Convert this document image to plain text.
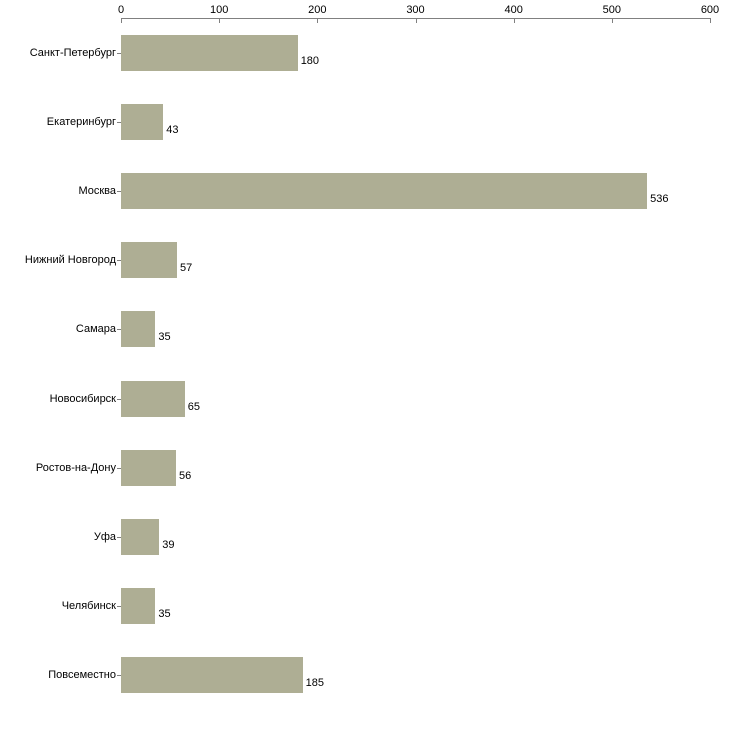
0	100	200	300	400	500	600
Санкт-Петербург
Екатеринбург
Москва
Нижний Новгород
Самара
Новосибирск
Ростов-на-Дону
Уфа
Челябинск
Повсеместно
180
43
536
57
35
65
56
39
35
185
